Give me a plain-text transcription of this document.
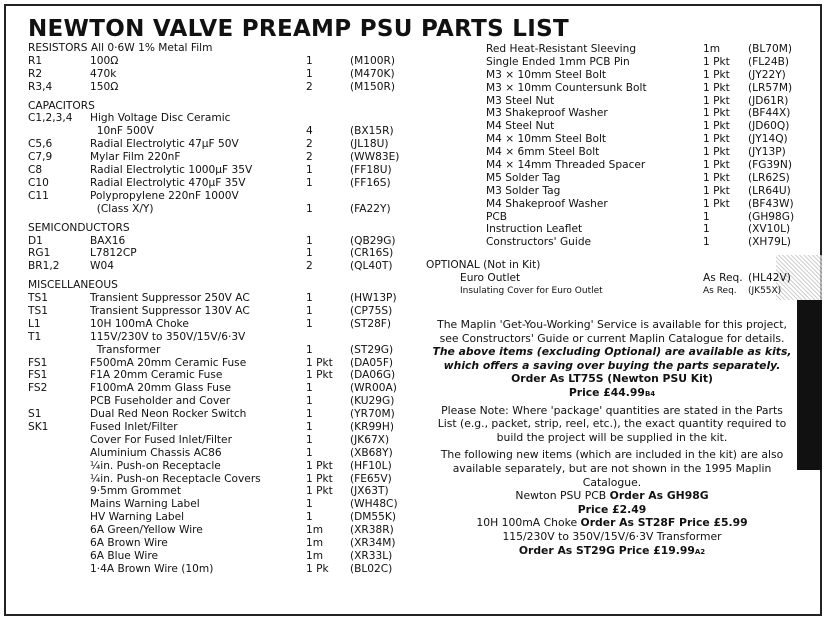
NEWTON VALVE PREAMP PSU PARTS LIST
RESISTORS All 0·6W 1% Metal Film
R1	100Ω	1	(M100R)
R2	470k	1	(M470K)
R3,4	150Ω	2	(M150R)
CAPACITORS
C1,2,3,4 High Voltage Disc Ceramic
10nF 500V	4	(BX15R)
C5,6	Radial Electrolytic 47µF 50V	2	(JL18U)
C7,9	Mylar Film 220nF	2	(WW83E)
C8	Radial Electrolytic 1000µF 35V	1	(FF18U)
C10	Radial Electrolytic 470µF 35V	1	(FF16S)
C11	Polypropylene 220nF 1000V
(Class X/Y)	1	(FA22Y)
SEMICONDUCTORS
D1	BAX16	1	(QB29G)
RG1	L7812CP	1	(CR16S)
BR1,2	W04	2	(QL40T)
MISCELLANEOUS
TS1	Transient Suppressor 250V AC	1	(HW13P)
TS1	Transient Suppressor 130V AC	1	(CP75S)
L1	10H 100mA Choke	1	(ST28F)
T1	115V/230V to 350V/15V/6·3V
Transformer	1	(ST29G)
FS1	F500mA 20mm Ceramic Fuse	1 Pkt (DA05F)
FS1	F1A 20mm Ceramic Fuse	1 Pkt (DA06G)
FS2	F100mA 20mm Glass Fuse	1	(WR00A)
PCB Fuseholder and Cover	1	(KU29G)
S1	Dual Red Neon Rocker Switch	1	(YR70M)
SK1	Fused Inlet/Filter	1	(KR99H)
Cover For Fused Inlet/Filter	1	(JK67X)
Aluminium Chassis AC86	1	(XB68Y)
¼in. Push-on Receptacle	1 Pkt (HF10L)
¼in. Push-on Receptacle Covers	1 Pkt (FE65V)
9·5mm Grommet	1 Pkt (JX63T)
Mains Warning Label	1	(WH48C)
HV Warning Label	1	(DM55K)
6A Green/Yellow Wire	1m	(XR38R)
6A Brown Wire	1m	(XR34M)
6A Blue Wire	1m	(XR33L)
1·4A Brown Wire (10m)	1 Pk (BL02C)
Red Heat-Resistant Sleeving	1m	(BL70M)
Single Ended 1mm PCB Pin	1 Pkt (FL24B)
M3 × 10mm Steel Bolt	1 Pkt (JY22Y)
M3 × 10mm Countersunk Bolt	1 Pkt (LR57M)
M3 Steel Nut	1 Pkt (JD61R)
M3 Shakeproof Washer	1 Pkt (BF44X)
M4 Steel Nut	1 Pkt (JD60Q)
M4 × 10mm Steel Bolt	1 Pkt (JY14Q)
M4 × 6mm Steel Bolt	1 Pkt (JY13P)
M4 × 14mm Threaded Spacer	1 Pkt (FG39N)
M5 Solder Tag	1 Pkt (LR62S)
M3 Solder Tag	1 Pkt (LR64U)
M4 Shakeproof Washer	1 Pkt (BF43W)
PCB	1	(GH98G)
Instruction Leaflet	1	(XV10L)
Constructors' Guide	1	(XH79L)
OPTIONAL (Not in Kit)
Euro Outlet	As Req. (HL42V)
Insulating Cover for Euro Outlet	As Req. (JK55X)

The Maplin 'Get-You-Working' Service is available for this project, see Constructors' Guide or current Maplin Catalogue for details.

The above items (excluding Optional) are available as kits, which offers a saving over buying the parts separately.

Order As LT75S (Newton PSU Kit)

Price £44.99B4

Please Note: Where 'package' quantities are stated in the Parts List (e.g., packet, strip, reel, etc.), the exact quantity required to build the project will be supplied in the kit.

The following new items (which are included in the kit) are also available separately, but are not shown in the 1995 Maplin Catalogue.

Newton PSU PCB Order As GH98G

Price £2.49

10H 100mA Choke Order As ST28F Price £5.99

115/230V to 350V/15V/6·3V Transformer

Order As ST29G Price £19.99A2
